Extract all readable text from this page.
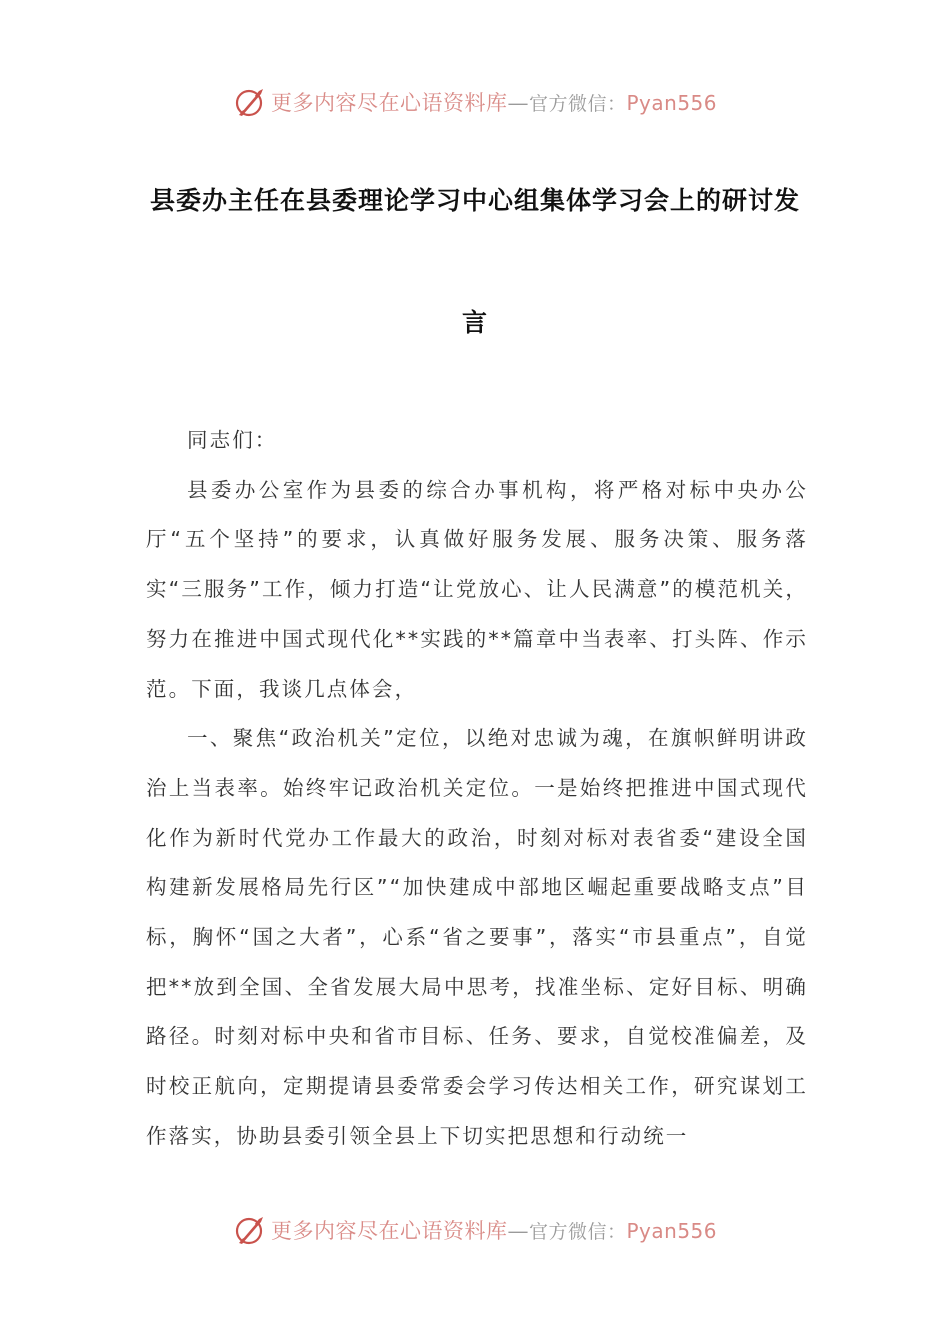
更多内容尽在心语资料库—官方微信：Pyan556
县委办主任在县委理论学习中心组集体学习会上的研讨发
言

同志们：

县委办公室作为县委的综合办事机构，将严格对标中央办公厅“五个坚持”的要求，认真做好服务发展、服务决策、服务落实“三服务”工作，倾力打造“让党放心、让人民满意”的模范机关，努力在推进中国式现代化**实践的**篇章中当表率、打头阵、作示范。下面，我谈几点体会，

一、聚焦“政治机关”定位，以绝对忠诚为魂，在旗帜鲜明讲政治上当表率。始终牢记政治机关定位。一是始终把推进中国式现代化作为新时代党办工作最大的政治，时刻对标对表省委“建设全国构建新发展格局先行区”“加快建成中部地区崛起重要战略支点”目标，胸怀“国之大者”，心系“省之要事”，落实“市县重点”，自觉把**放到全国、全省发展大局中思考，找准坐标、定好目标、明确路径。时刻对标中央和省市目标、任务、要求，自觉校准偏差，及时校正航向，定期提请县委常委会学习传达相关工作，研究谋划工作落实，协助县委引领全县上下切实把思想和行动统一

更多内容尽在心语资料库—官方微信：Pyan556
